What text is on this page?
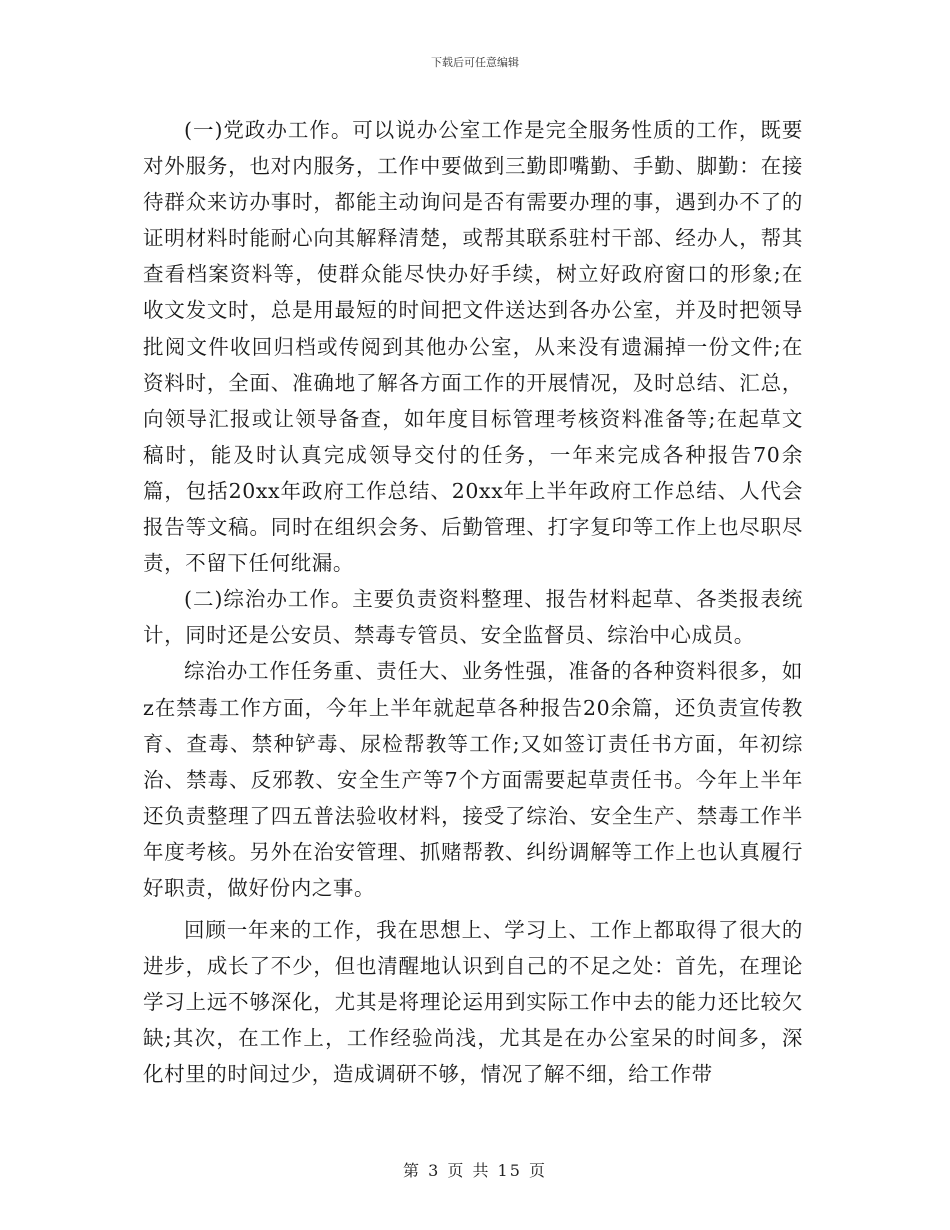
下载后可任意编辑

(一)党政办工作。可以说办公室工作是完全服务性质的工作，既要对外服务，也对内服务，工作中要做到三勤即嘴勤、手勤、脚勤：在接待群众来访办事时，都能主动询问是否有需要办理的事，遇到办不了的证明材料时能耐心向其解释清楚，或帮其联系驻村干部、经办人，帮其查看档案资料等，使群众能尽快办好手续，树立好政府窗口的形象;在收文发文时，总是用最短的时间把文件送达到各办公室，并及时把领导批阅文件收回归档或传阅到其他办公室，从来没有遗漏掉一份文件;在资料时，全面、准确地了解各方面工作的开展情况，及时总结、汇总，向领导汇报或让领导备查，如年度目标管理考核资料准备等;在起草文稿时，能及时认真完成领导交付的任务，一年来完成各种报告70余篇，包括20xx年政府工作总结、20xx年上半年政府工作总结、人代会报告等文稿。同时在组织会务、后勤管理、打字复印等工作上也尽职尽责，不留下任何纰漏。

(二)综治办工作。主要负责资料整理、报告材料起草、各类报表统计，同时还是公安员、禁毒专管员、安全监督员、综治中心成员。

综治办工作任务重、责任大、业务性强，准备的各种资料很多，如z在禁毒工作方面，今年上半年就起草各种报告20余篇，还负责宣传教育、查毒、禁种铲毒、尿检帮教等工作;又如签订责任书方面，年初综治、禁毒、反邪教、安全生产等7个方面需要起草责任书。今年上半年还负责整理了四五普法验收材料，接受了综治、安全生产、禁毒工作半年度考核。另外在治安管理、抓赌帮教、纠纷调解等工作上也认真履行好职责，做好份内之事。

回顾一年来的工作，我在思想上、学习上、工作上都取得了很大的进步，成长了不少，但也清醒地认识到自己的不足之处：首先，在理论学习上远不够深化，尤其是将理论运用到实际工作中去的能力还比较欠缺;其次，在工作上，工作经验尚浅，尤其是在办公室呆的时间多，深化村里的时间过少，造成调研不够，情况了解不细，给工作带

第 3 页 共 15 页
